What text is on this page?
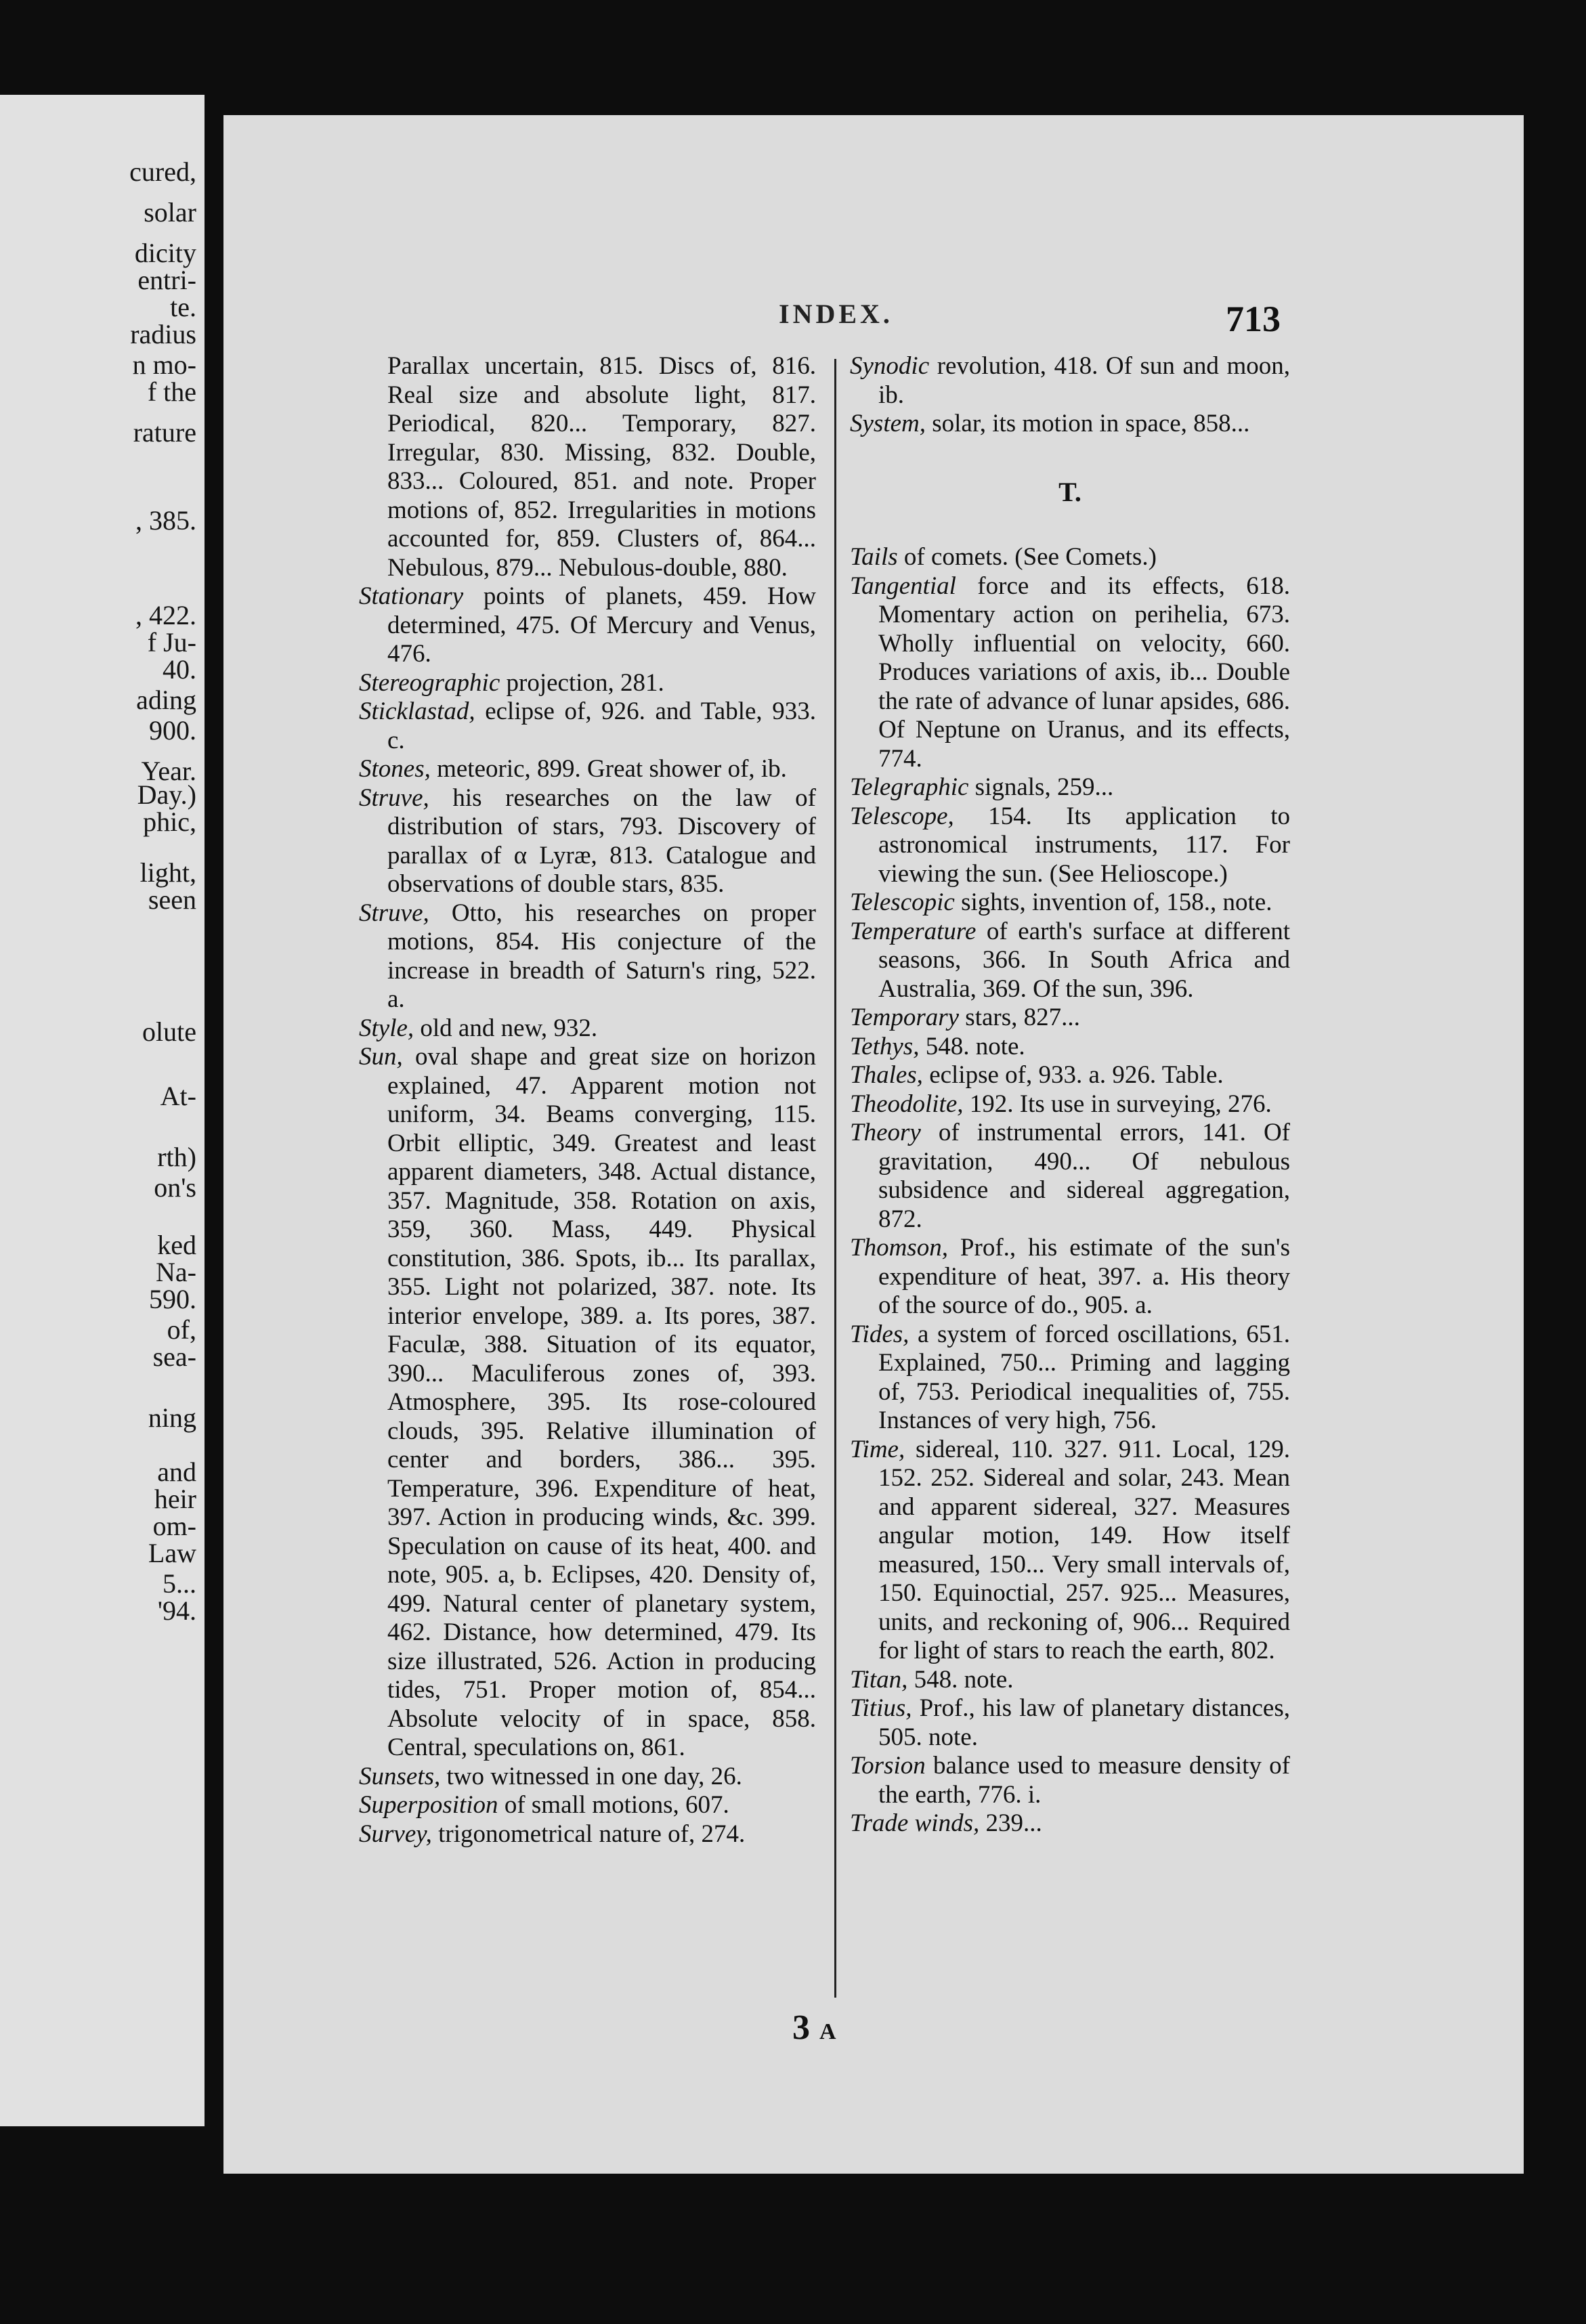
cured,
solar
dicity
entri-
te.
radius
n mo-
f the
rature
, 385.
, 422.
f Ju-
40.
ading
900.
Year.
Day.)
phic,
light,
seen
olute
At-
rth)
on's
ked
Na-
590.
of,
sea-
ning
and
heir
om-
Law
5...
'94.
INDEX.	713

Parallax uncertain, 815. Discs of, 816. Real size and absolute light, 817. Periodical, 820... Temporary, 827. Irregular, 830. Missing, 832. Double, 833... Coloured, 851. and note. Proper motions of, 852. Irregularities in motions accounted for, 859. Clusters of, 864... Nebulous, 879... Nebulous-double, 880.

Stationary points of planets, 459. How determined, 475. Of Mercury and Venus, 476.

Stereographic projection, 281.

Sticklastad, eclipse of, 926. and Table, 933. c.

Stones, meteoric, 899. Great shower of, ib.

Struve, his researches on the law of distribution of stars, 793. Discovery of parallax of α Lyræ, 813. Catalogue and observations of double stars, 835.

Struve, Otto, his researches on proper motions, 854. His conjecture of the increase in breadth of Saturn's ring, 522. a.

Style, old and new, 932.

Sun, oval shape and great size on horizon explained, 47. Apparent motion not uniform, 34. Beams converging, 115. Orbit elliptic, 349. Greatest and least apparent diameters, 348. Actual distance, 357. Magnitude, 358. Rotation on axis, 359, 360. Mass, 449. Physical constitution, 386. Spots, ib... Its parallax, 355. Light not polarized, 387. note. Its interior envelope, 389. a. Its pores, 387. Faculæ, 388. Situation of its equator, 390... Maculiferous zones of, 393. Atmosphere, 395. Its rose-coloured clouds, 395. Relative illumination of center and borders, 386... 395. Temperature, 396. Expenditure of heat, 397. Action in producing winds, &c. 399. Speculation on cause of its heat, 400. and note, 905. a, b. Eclipses, 420. Density of, 499. Natural center of planetary system, 462. Distance, how determined, 479. Its size illustrated, 526. Action in producing tides, 751. Proper motion of, 854... Absolute velocity of in space, 858. Central, speculations on, 861.

Sunsets, two witnessed in one day, 26.

Superposition of small motions, 607.

Survey, trigonometrical nature of, 274.

Synodic revolution, 418. Of sun and moon, ib.

System, solar, its motion in space, 858...

T.

Tails of comets. (See Comets.)

Tangential force and its effects, 618. Momentary action on perihelia, 673. Wholly influential on velocity, 660. Produces variations of axis, ib... Double the rate of advance of lunar apsides, 686. Of Neptune on Uranus, and its effects, 774.

Telegraphic signals, 259...

Telescope, 154. Its application to astronomical instruments, 117. For viewing the sun. (See Helioscope.)

Telescopic sights, invention of, 158., note.

Temperature of earth's surface at different seasons, 366. In South Africa and Australia, 369. Of the sun, 396.

Temporary stars, 827...

Tethys, 548. note.

Thales, eclipse of, 933. a. 926. Table.

Theodolite, 192. Its use in surveying, 276.

Theory of instrumental errors, 141. Of gravitation, 490... Of nebulous subsidence and sidereal aggregation, 872.

Thomson, Prof., his estimate of the sun's expenditure of heat, 397. a. His theory of the source of do., 905. a.

Tides, a system of forced oscillations, 651. Explained, 750... Priming and lagging of, 753. Periodical inequalities of, 755. Instances of very high, 756.

Time, sidereal, 110. 327. 911. Local, 129. 152. 252. Sidereal and solar, 243. Mean and apparent sidereal, 327. Measures angular motion, 149. How itself measured, 150... Very small intervals of, 150. Equinoctial, 257. 925... Measures, units, and reckoning of, 906... Required for light of stars to reach the earth, 802.

Titan, 548. note.

Titius, Prof., his law of planetary distances, 505. note.

Torsion balance used to measure density of the earth, 776. i.

Trade winds, 239...

3 A
